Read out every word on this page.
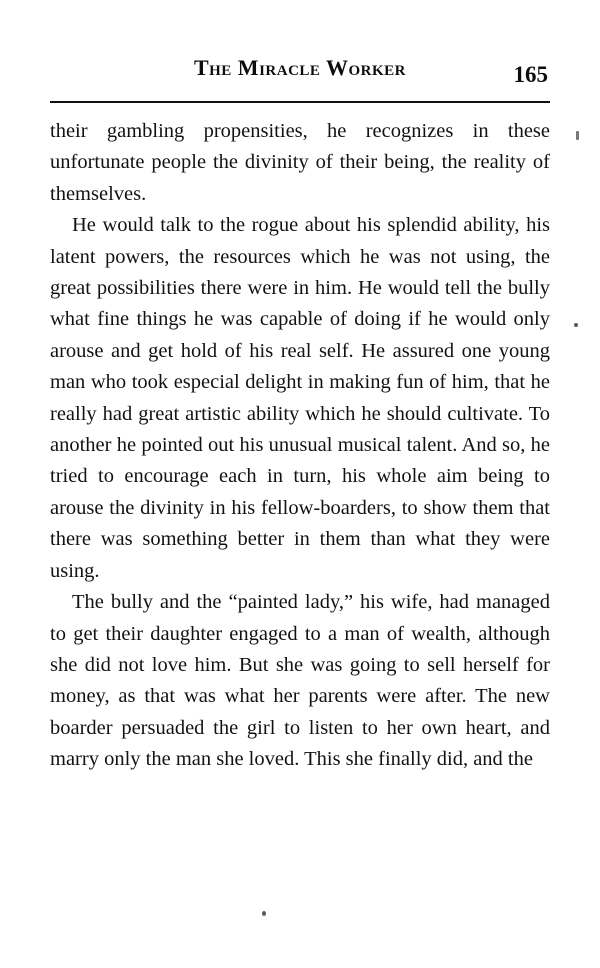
The Miracle Worker	165

their gambling propensities, he recognizes in these unfortunate people the divinity of their being, the reality of themselves.

He would talk to the rogue about his splendid ability, his latent powers, the resources which he was not using, the great possibilities there were in him. He would tell the bully what fine things he was capable of doing if he would only arouse and get hold of his real self. He assured one young man who took especial delight in making fun of him, that he really had great artistic ability which he should cultivate. To another he pointed out his unusual musical talent. And so, he tried to encourage each in turn, his whole aim being to arouse the divinity in his fellow-boarders, to show them that there was something better in them than what they were using.

The bully and the “painted lady,” his wife, had managed to get their daughter engaged to a man of wealth, although she did not love him. But she was going to sell herself for money, as that was what her parents were after. The new boarder persuaded the girl to listen to her own heart, and marry only the man she loved. This she finally did, and the
